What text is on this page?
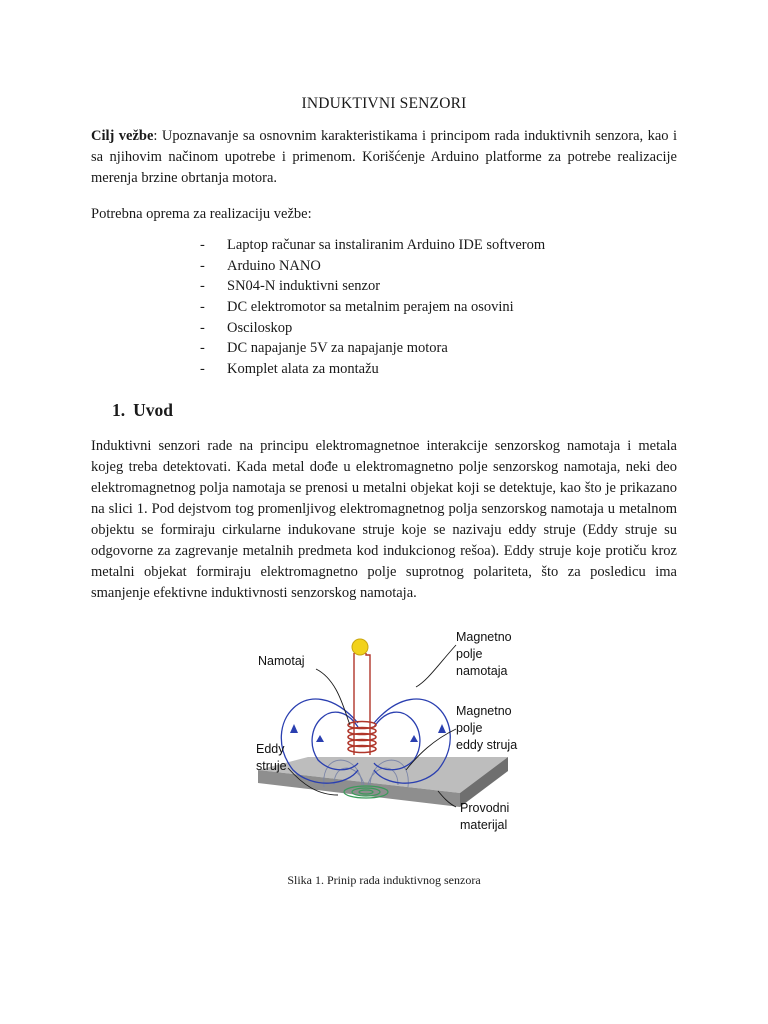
INDUKTIVNI SENZORI

Cilj vežbe: Upoznavanje sa osnovnim karakteristikama i principom rada induktivnih senzora, kao i sa njihovim načinom upotrebe i primenom. Korišćenje Arduino platforme za potrebe realizacije merenja brzine obrtanja motora.

Potrebna oprema za realizaciju vežbe:

-	Laptop računar sa instaliranim Arduino IDE softverom
-	Arduino NANO
-	SN04-N induktivni senzor
-	DC elektromotor sa metalnim perajem na osovini
-	Osciloskop
-	DC napajanje 5V za napajanje motora
-	Komplet alata za montažu
1. Uvod

Induktivni senzori rade na principu elektromagnetnoe interakcije senzorskog namotaja i metala kojeg treba detektovati. Kada metal dođe u elektromagnetno polje senzorskog namotaja, neki deo elektromagnetnog polja namotaja se prenosi u metalni objekat koji se detektuje, kao što je prikazano na slici 1. Pod dejstvom tog promenljivog elektromagnetnog polja senzorskog namotaja u metalnom objektu se formiraju cirkularne indukovane struje koje se nazivaju eddy struje (Eddy struje su odgovorne za zagrevanje metalnih predmeta kod indukcionog rešoa). Eddy struje koje protiču kroz metalni objekat formiraju elektromagnetno polje suprotnog polariteta, što za posledicu ima smanjenje efektivne induktivnosti senzorskog namotaja.

Namotaj
Magnetno
polje
namotaja
Magnetno
polje
eddy struja
Eddy
struje
Provodni
materijal
Slika 1. Prinip rada induktivnog senzora
